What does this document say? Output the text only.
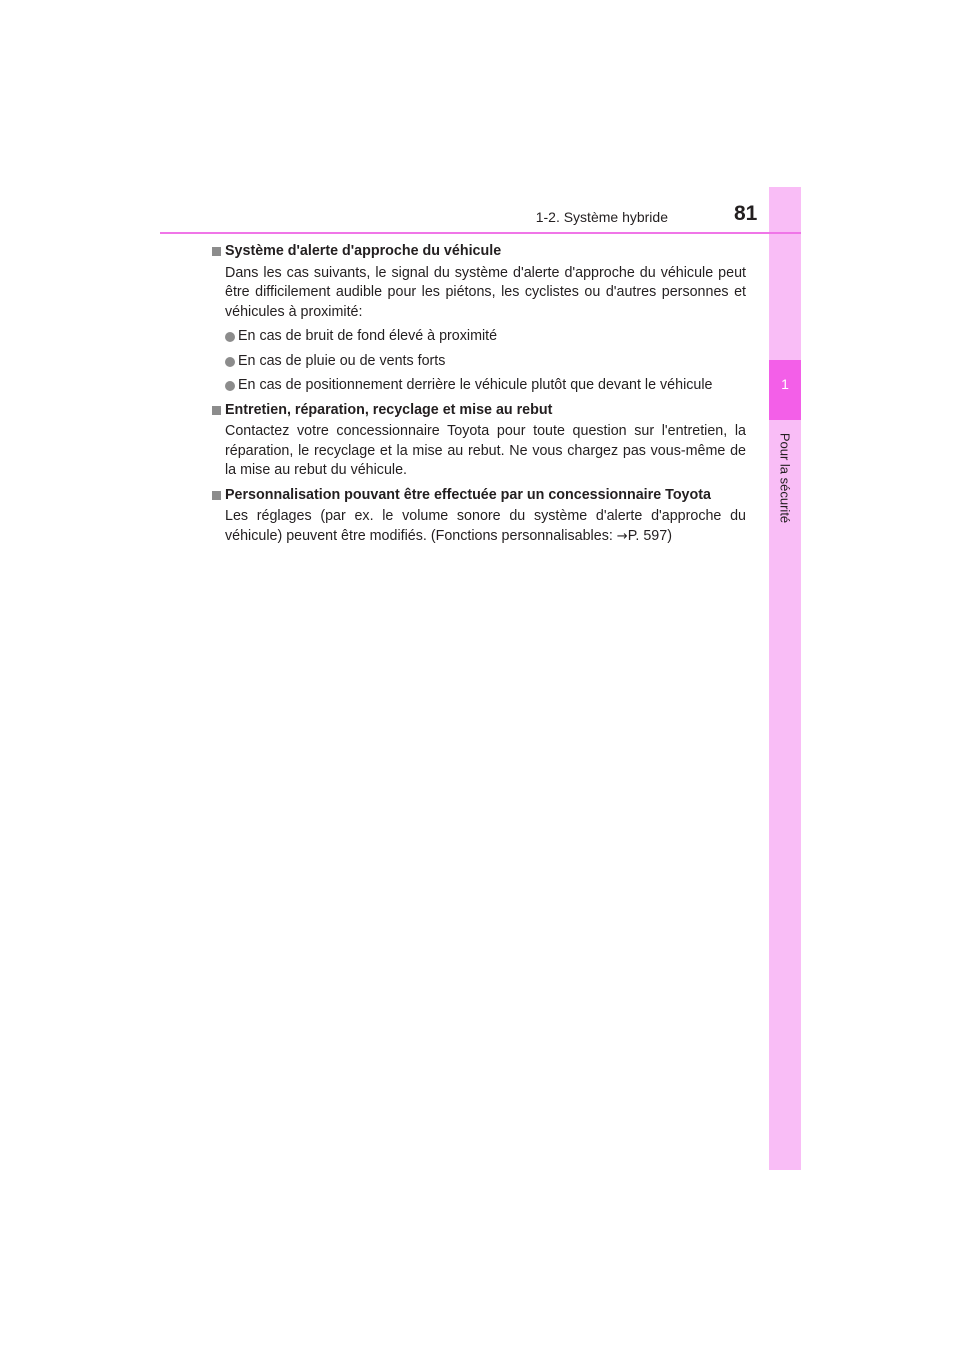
1
Pour la sécurité
1-2. Système hybride	81
Système d'alerte d'approche du véhicule

Dans les cas suivants, le signal du système d'alerte d'approche du véhicule peut être difficilement audible pour les piétons, les cyclistes ou d'autres personnes et véhicules à proximité:

En cas de bruit de fond élevé à proximité
En cas de pluie ou de vents forts
En cas de positionnement derrière le véhicule plutôt que devant le véhicule
Entretien, réparation, recyclage et mise au rebut

Contactez votre concessionnaire Toyota pour toute question sur l'entretien, la réparation, le recyclage et la mise au rebut. Ne vous chargez pas vous-même de la mise au rebut du véhicule.

Personnalisation pouvant être effectuée par un concessionnaire Toyota

Les réglages (par ex. le volume sonore du système d'alerte d'approche du véhicule) peuvent être modifiés. (Fonctions personnalisables: →P. 597)
